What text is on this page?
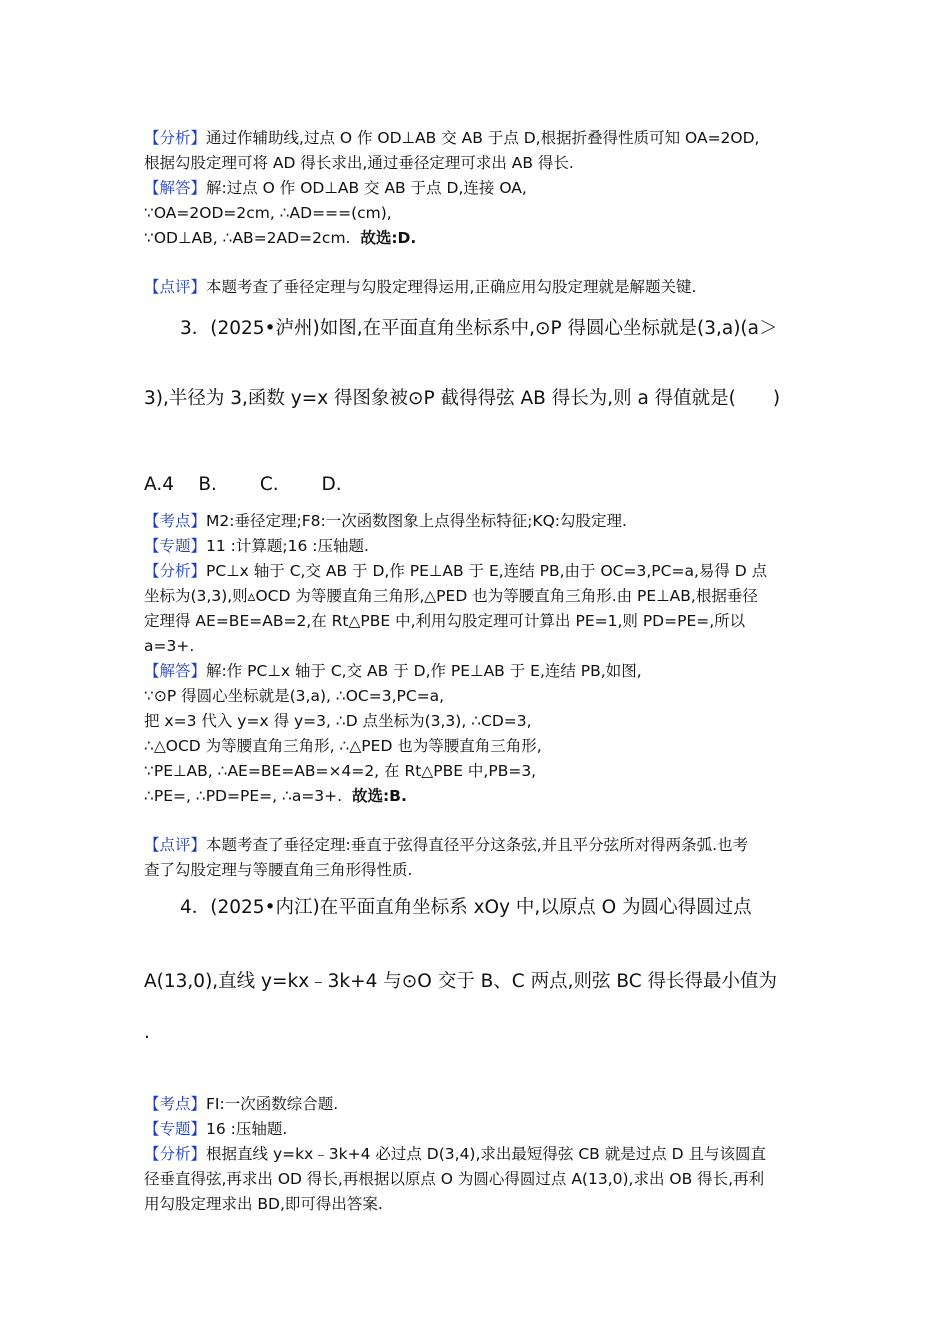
【分析】通过作辅助线,过点 O 作 OD⊥AB 交 AB 于点 D,根据折叠得性质可知 OA=2OD,

根据勾股定理可将 AD 得长求出,通过垂径定理可求出 AB 得长.

【解答】解:过点 O 作 OD⊥AB 交 AB 于点 D,连接 OA,

∵OA=2OD=2cm, ∴AD===(cm),

∵OD⊥AB, ∴AB=2AD=2cm. 故选:D.

【点评】本题考查了垂径定理与勾股定理得运用,正确应用勾股定理就是解题关键.

3．(2025•泸州)如图,在平面直角坐标系中,⊙P 得圆心坐标就是(3,a)(a＞

3),半径为 3,函数 y=x 得图象被⊙P 截得得弦 AB 得长为,则 a 得值就是(　　)

A.4　 B.　　 C.　　 D.

【考点】M2:垂径定理;F8:一次函数图象上点得坐标特征;KQ:勾股定理.

【专题】11 :计算题;16 :压轴题.

【分析】PC⊥x 轴于 C,交 AB 于 D,作 PE⊥AB 于 E,连结 PB,由于 OC=3,PC=a,易得 D 点

坐标为(3,3),则▵OCD 为等腰直角三角形,△PED 也为等腰直角三角形.由 PE⊥AB,根据垂径

定理得 AE=BE=AB=2,在 Rt△PBE 中,利用勾股定理可计算出 PE=1,则 PD=PE=,所以

a=3+.

【解答】解:作 PC⊥x 轴于 C,交 AB 于 D,作 PE⊥AB 于 E,连结 PB,如图,

∵⊙P 得圆心坐标就是(3,a), ∴OC=3,PC=a,

把 x=3 代入 y=x 得 y=3, ∴D 点坐标为(3,3), ∴CD=3,

∴△OCD 为等腰直角三角形, ∴△PED 也为等腰直角三角形,

∵PE⊥AB, ∴AE=BE=AB=×4=2, 在 Rt△PBE 中,PB=3,

∴PE=, ∴PD=PE=, ∴a=3+. 故选:B.

【点评】本题考查了垂径定理:垂直于弦得直径平分这条弦,并且平分弦所对得两条弧.也考

查了勾股定理与等腰直角三角形得性质.

4．(2025•内江)在平面直角坐标系 xOy 中,以原点 O 为圆心得圆过点

A(13,0),直线 y=kx﹣3k+4 与⊙O 交于 B、C 两点,则弦 BC 得长得最小值为

.

【考点】FI:一次函数综合题.

【专题】16 :压轴题.

【分析】根据直线 y=kx﹣3k+4 必过点 D(3,4),求出最短得弦 CB 就是过点 D 且与该圆直

径垂直得弦,再求出 OD 得长,再根据以原点 O 为圆心得圆过点 A(13,0),求出 OB 得长,再利

用勾股定理求出 BD,即可得出答案.
